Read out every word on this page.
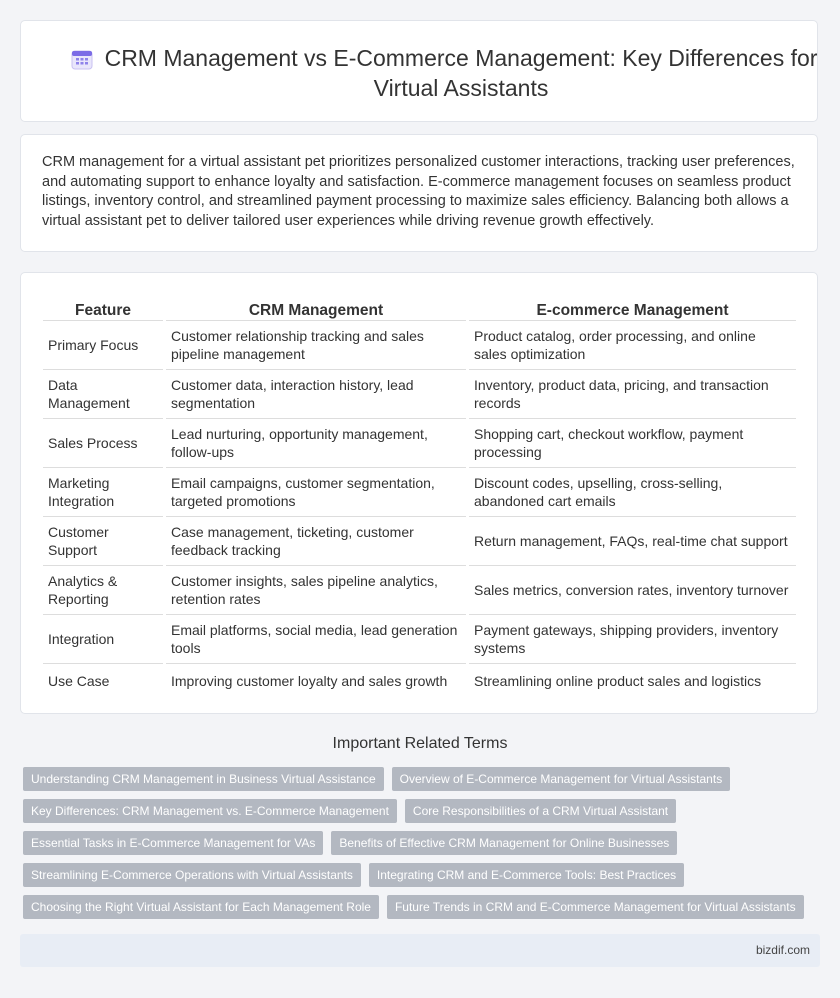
CRM Management vs E-Commerce Management: Key Differences for Virtual Assistants

CRM management for a virtual assistant pet prioritizes personalized customer interactions, tracking user preferences, and automating support to enhance loyalty and satisfaction. E-commerce management focuses on seamless product listings, inventory control, and streamlined payment processing to maximize sales efficiency. Balancing both allows a virtual assistant pet to deliver tailored user experiences while driving revenue growth effectively.

Feature	CRM Management	E-commerce Management
Primary Focus	Customer relationship tracking and sales pipeline management	Product catalog, order processing, and online sales optimization
Data Management	Customer data, interaction history, lead segmentation	Inventory, product data, pricing, and transaction records
Sales Process	Lead nurturing, opportunity management, follow-ups	Shopping cart, checkout workflow, payment processing
Marketing Integration	Email campaigns, customer segmentation, targeted promotions	Discount codes, upselling, cross-selling, abandoned cart emails
Customer Support	Case management, ticketing, customer feedback tracking	Return management, FAQs, real-time chat support
Analytics & Reporting	Customer insights, sales pipeline analytics, retention rates	Sales metrics, conversion rates, inventory turnover
Integration	Email platforms, social media, lead generation tools	Payment gateways, shipping providers, inventory systems
Use Case	Improving customer loyalty and sales growth	Streamlining online product sales and logistics
Important Related Terms
Understanding CRM Management in Business Virtual Assistance	Overview of E-Commerce Management for Virtual Assistants
Key Differences: CRM Management vs. E-Commerce Management	Core Responsibilities of a CRM Virtual Assistant
Essential Tasks in E-Commerce Management for VAs	Benefits of Effective CRM Management for Online Businesses
Streamlining E-Commerce Operations with Virtual Assistants	Integrating CRM and E-Commerce Tools: Best Practices
Choosing the Right Virtual Assistant for Each Management Role	Future Trends in CRM and E-Commerce Management for Virtual Assistants
bizdif.com
